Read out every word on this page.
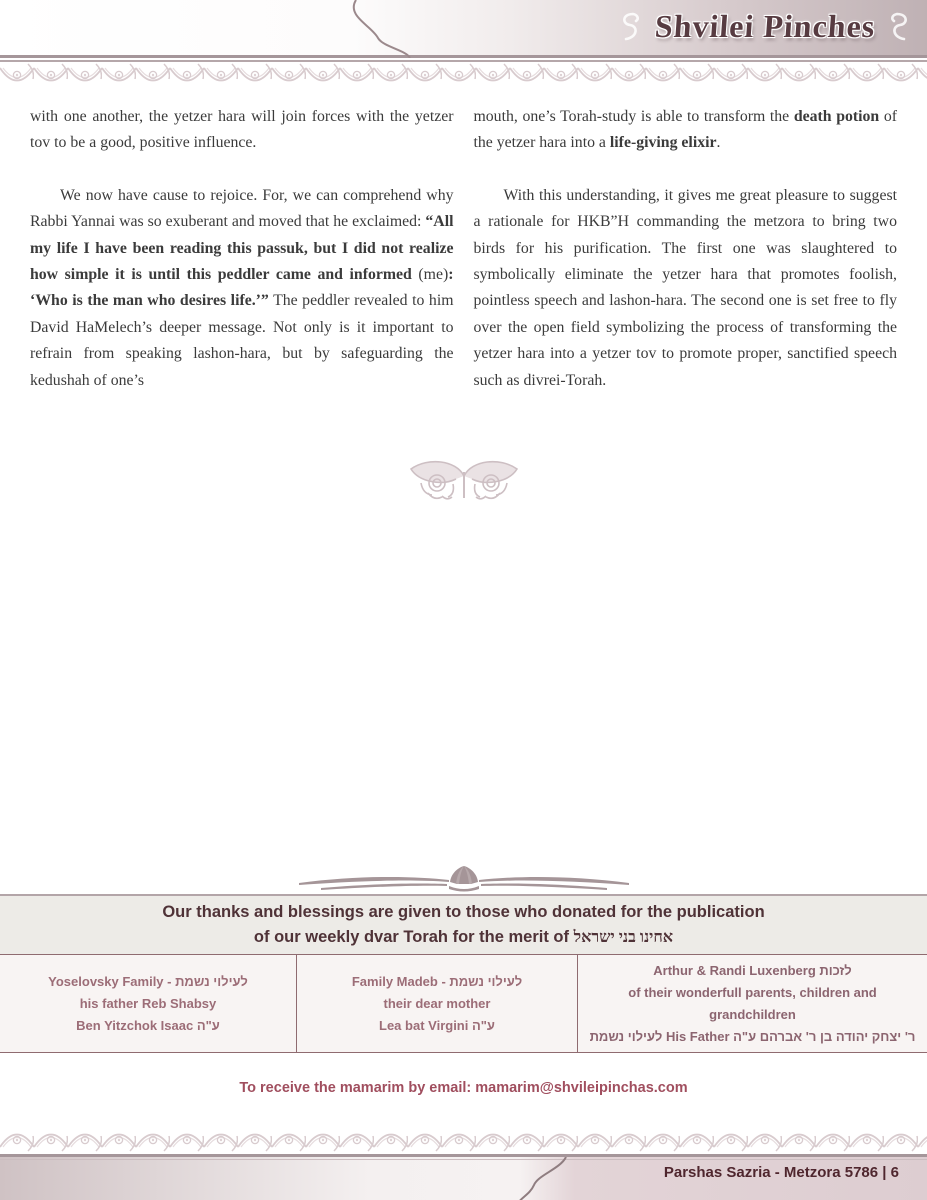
Shvilei Pinches

with one another, the yetzer hara will join forces with the yetzer tov to be a good, positive influence.

We now have cause to rejoice. For, we can comprehend why Rabbi Yannai was so exuberant and moved that he exclaimed: “All my life I have been reading this passuk, but I did not realize how simple it is until this peddler came and informed (me): ‘Who is the man who desires life.’” The peddler revealed to him David HaMelech’s deeper message. Not only is it important to refrain from speaking lashon-hara, but by safeguarding the kedushah of one’s

mouth, one’s Torah-study is able to transform the death potion of the yetzer hara into a life-giving elixir.

With this understanding, it gives me great pleasure to suggest a rationale for HKB”H commanding the metzora to bring two birds for his purification. The first one was slaughtered to symbolically eliminate the yetzer hara that promotes foolish, pointless speech and lashon-hara. The second one is set free to fly over the open field symbolizing the process of transforming the yetzer hara into a yetzer tov to promote proper, sanctified speech such as divrei-Torah.

Our thanks and blessings are given to those who donated for the publication
of our weekly dvar Torah for the merit of אחינו בני ישראל
Yoselovsky Family - לעילוי נשמת
his father Reb Shabsy
Ben Yitzchok Isaac ע"ה
Family Madeb - לעילוי נשמת
their dear mother
Lea bat Virgini ע"ה
Arthur & Randi Luxenberg לזכות
of their wonderfull parents, children and grandchildren
לעילוי נשמת His Father ר' יצחק יהודה בן ר' אברהם ע"ה
To receive the mamarim by email: mamarim@shvileipinchas.com
Parshas Sazria - Metzora 5786 | 6
